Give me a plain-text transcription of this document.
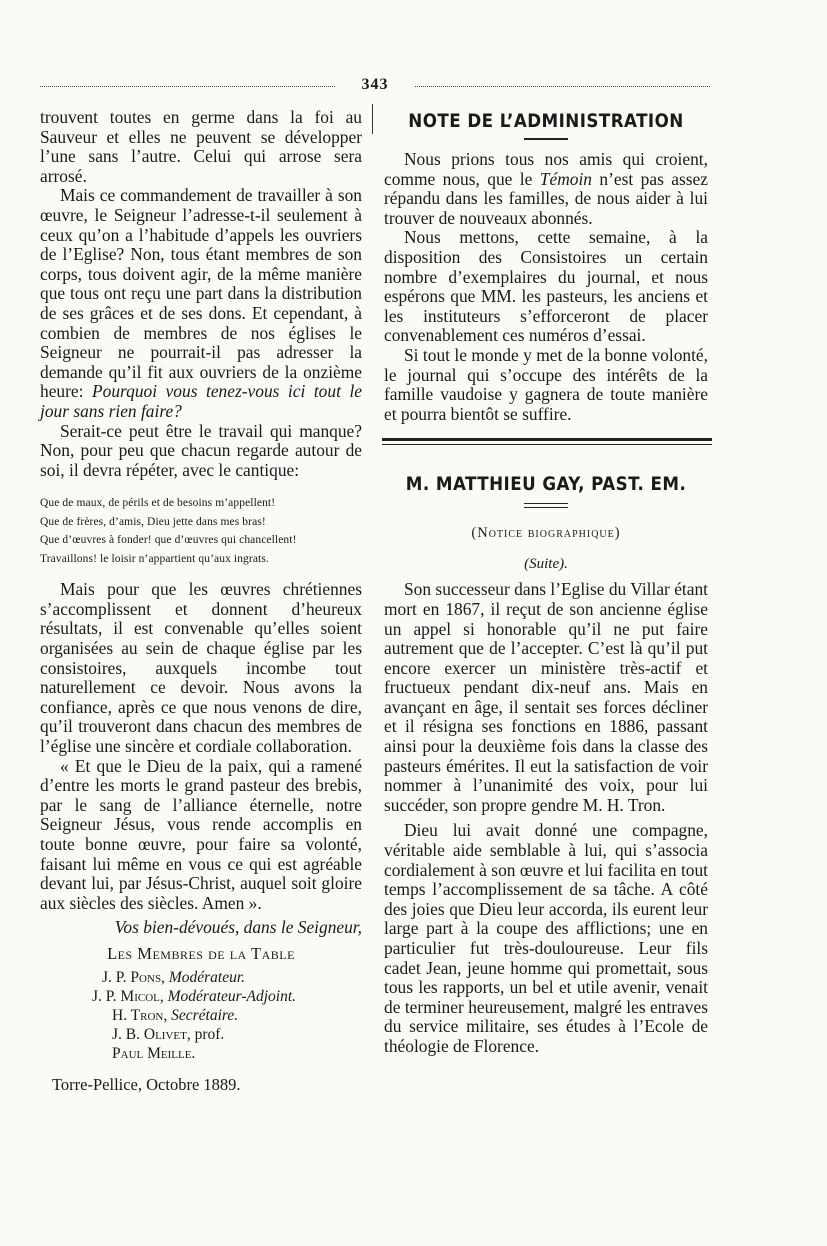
343

trouvent toutes en germe dans la foi au Sauveur et elles ne peuvent se développer l’une sans l’autre. Celui qui arrose sera arrosé.

Mais ce commandement de travailler à son œuvre, le Seigneur l’adresse-t-il seulement à ceux qu’on a l’habitude d’appels les ouvriers de l’Eglise? Non, tous étant membres de son corps, tous doivent agir, de la même manière que tous ont reçu une part dans la distribution de ses grâces et de ses dons. Et cependant, à combien de membres de nos églises le Seigneur ne pourrait-il pas adresser la demande qu’il fit aux ouvriers de la onzième heure: Pourquoi vous tenez-vous ici tout le jour sans rien faire?

Serait-ce peut être le travail qui manque? Non, pour peu que chacun regarde autour de soi, il devra répéter, avec le cantique:

Que de maux, de périls et de besoins m’appellent!

Que de frères, d’amis, Dieu jette dans mes bras!

Que d’œuvres à fonder! que d’œuvres qui chancellent!

Travaillons! le loisir n’appartient qu’aux ingrats.

Mais pour que les œuvres chrétiennes s’accomplissent et donnent d’heureux résultats, il est convenable qu’elles soient organisées au sein de chaque église par les consistoires, auxquels incombe tout naturellement ce devoir. Nous avons la confiance, après ce que nous venons de dire, qu’il trouveront dans chacun des membres de l’église une sincère et cordiale collaboration.

« Et que le Dieu de la paix, qui a ramené d’entre les morts le grand pasteur des brebis, par le sang de l’alliance éternelle, notre Seigneur Jésus, vous rende accomplis en toute bonne œuvre, pour faire sa volonté, faisant lui même en vous ce qui est agréable devant lui, par Jésus-Christ, auquel soit gloire aux siècles des siècles. Amen ».

Vos bien-dévoués, dans le Seigneur,

Les Membres de la Table

J. P. Pons, Modérateur.

J. P. Micol, Modérateur-Adjoint.

H. Tron, Secrétaire.

J. B. Olivet, prof.

Paul Meille.

Torre-Pellice, Octobre 1889.

NOTE DE L’ADMINISTRATION

Nous prions tous nos amis qui croient, comme nous, que le Témoin n’est pas assez répandu dans les familles, de nous aider à lui trouver de nouveaux abonnés.

Nous mettons, cette semaine, à la disposition des Consistoires un certain nombre d’exemplaires du journal, et nous espérons que MM. les pasteurs, les anciens et les instituteurs s’efforceront de placer convenablement ces numéros d’essai.

Si tout le monde y met de la bonne volonté, le journal qui s’occupe des intérêts de la famille vaudoise y gagnera de toute manière et pourra bientôt se suffire.

M. MATTHIEU GAY, PAST. EM.

(Notice biographique)

(Suite).

Son successeur dans l’Eglise du Villar étant mort en 1867, il reçut de son ancienne église un appel si honorable qu’il ne put faire autrement que de l’accepter. C’est là qu’il put encore exercer un ministère très-actif et fructueux pendant dix-neuf ans. Mais en avançant en âge, il sentait ses forces décliner et il résigna ses fonctions en 1886, passant ainsi pour la deuxième fois dans la classe des pasteurs émérites. Il eut la satisfaction de voir nommer à l’unanimité des voix, pour lui succéder, son propre gendre M. H. Tron.

Dieu lui avait donné une compagne, véritable aide semblable à lui, qui s’associa cordialement à son œuvre et lui facilita en tout temps l’accomplissement de sa tâche. A côté des joies que Dieu leur accorda, ils eurent leur large part à la coupe des afflictions; une en particulier fut très-douloureuse. Leur fils cadet Jean, jeune homme qui promettait, sous tous les rapports, un bel et utile avenir, venait de terminer heureusement, malgré les entraves du service militaire, ses études à l’Ecole de théologie de Florence.
